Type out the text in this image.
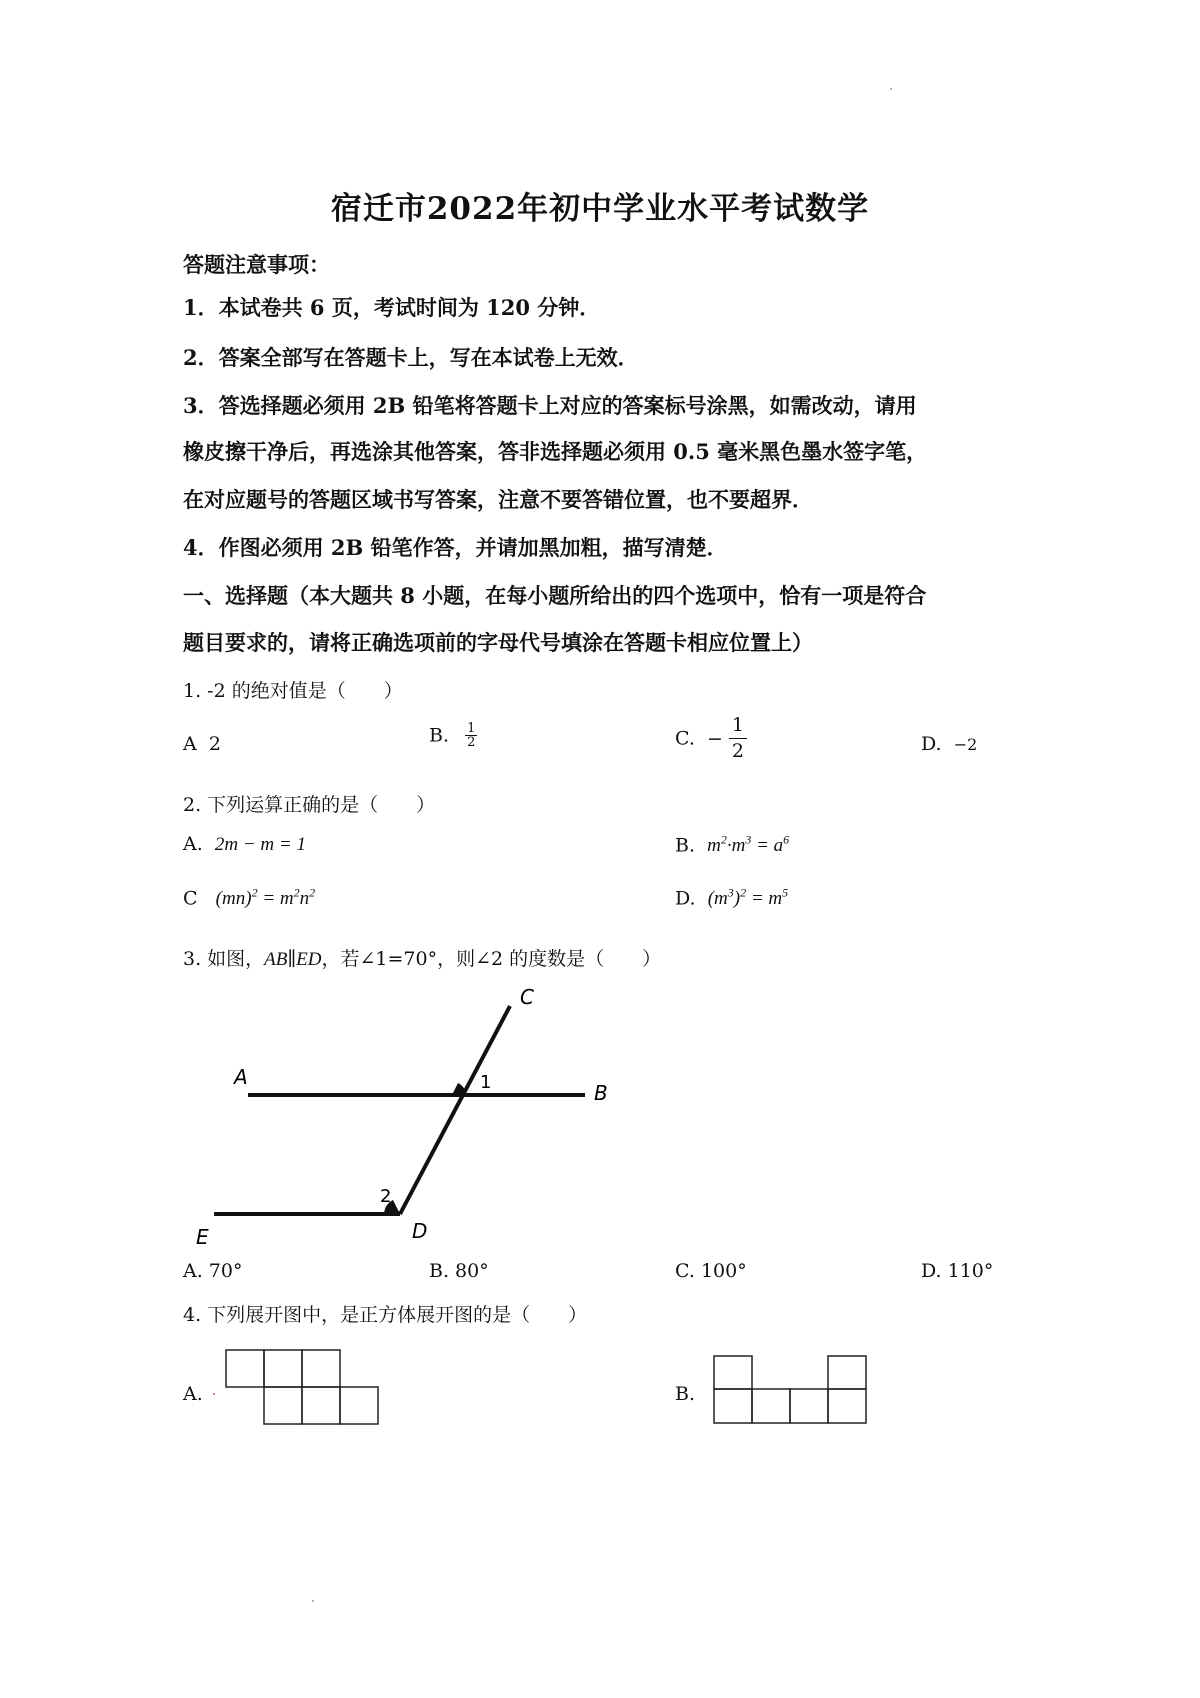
宿迁市2022年初中学业水平考试数学
答题注意事项：
1．本试卷共 6 页，考试时间为 120 分钟．
2．答案全部写在答题卡上，写在本试卷上无效．
3．答选择题必须用 2B 铅笔将答题卡上对应的答案标号涂黑，如需改动，请用
橡皮擦干净后，再选涂其他答案，答非选择题必须用 0.5 毫米黑色墨水签字笔，
在对应题号的答题区域书写答案，注意不要答错位置，也不要超界．
4．作图必须用 2B 铅笔作答，并请加黑加粗，描写清楚．
一、选择题（本大题共 8 小题，在每小题所给出的四个选项中，恰有一项是符合
题目要求的，请将正确选项前的字母代号填涂在答题卡相应位置上）
1. -2 的绝对值是（　　）
A 2	B. $\frac{1}{2}$	C. − $\frac{1}{2}$	D. −2
2. 下列运算正确的是（　　）
A. 2m − m = 1	B. $m^2\cdot m^3 = a^6$
C $(mn)^2 = m^2n^2$	D. $(m^3)^2 = m^5$
3. 如图，AB∥ED，若∠1=70°，则∠2 的度数是（　　）
C
A
B
E	D
1
2
A. 70°	B. 80°	C. 100°	D. 110°
4. 下列展开图中，是正方体展开图的是（　　）
A.	B.
